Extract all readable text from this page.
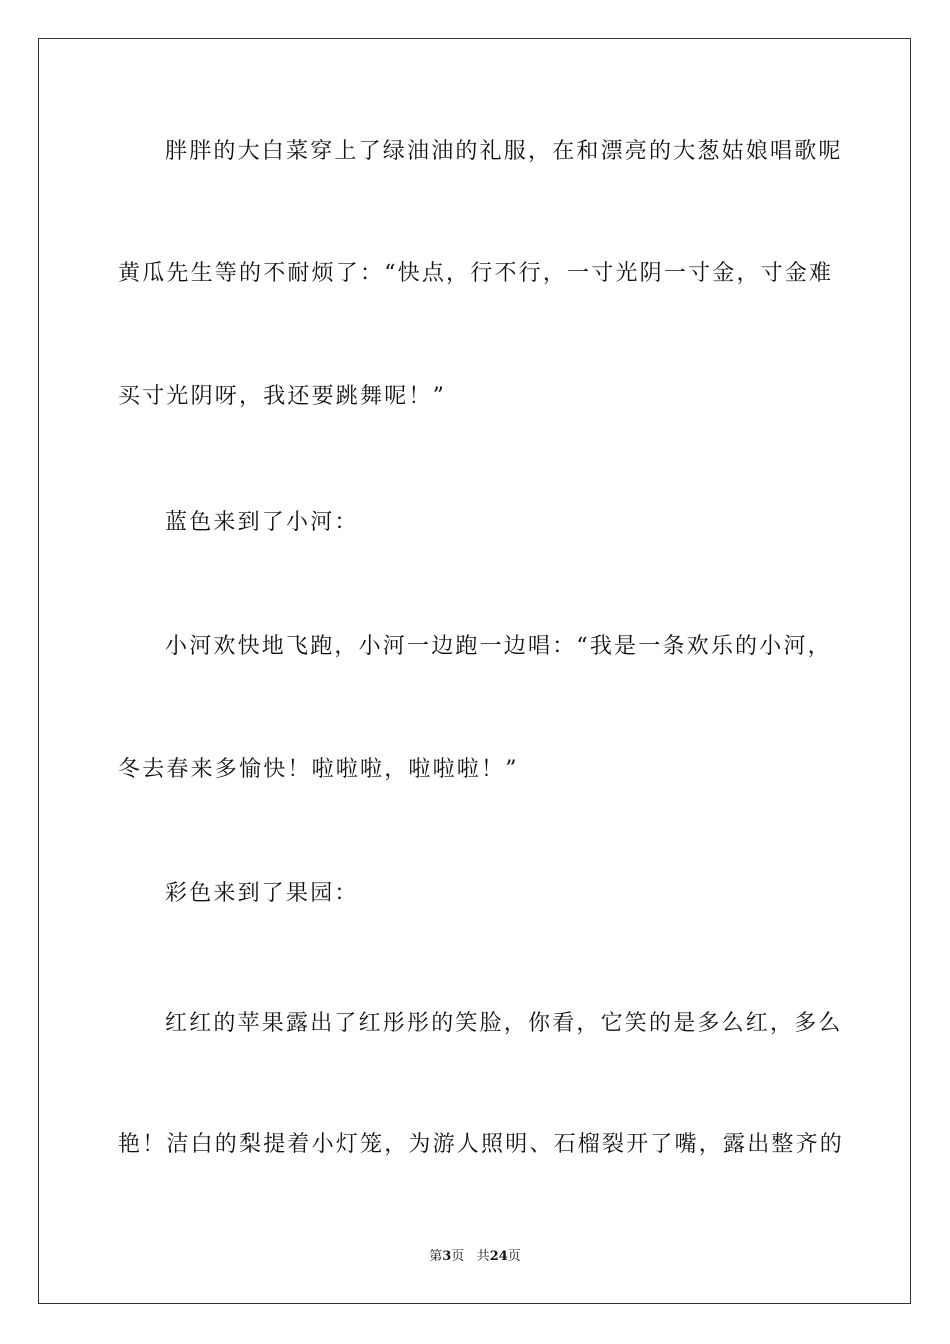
胖胖的大白菜穿上了绿油油的礼服，在和漂亮的大葱姑娘唱歌呢
黄瓜先生等的不耐烦了：“快点，行不行，一寸光阴一寸金，寸金难
买寸光阴呀，我还要跳舞呢！”
蓝色来到了小河：
小河欢快地飞跑，小河一边跑一边唱：“我是一条欢乐的小河，
冬去春来多愉快！啦啦啦，啦啦啦！”
彩色来到了果园：
红红的苹果露出了红彤彤的笑脸，你看，它笑的是多么红，多么
艳！洁白的梨提着小灯笼，为游人照明、石榴裂开了嘴，露出整齐的
第3页 共24页
